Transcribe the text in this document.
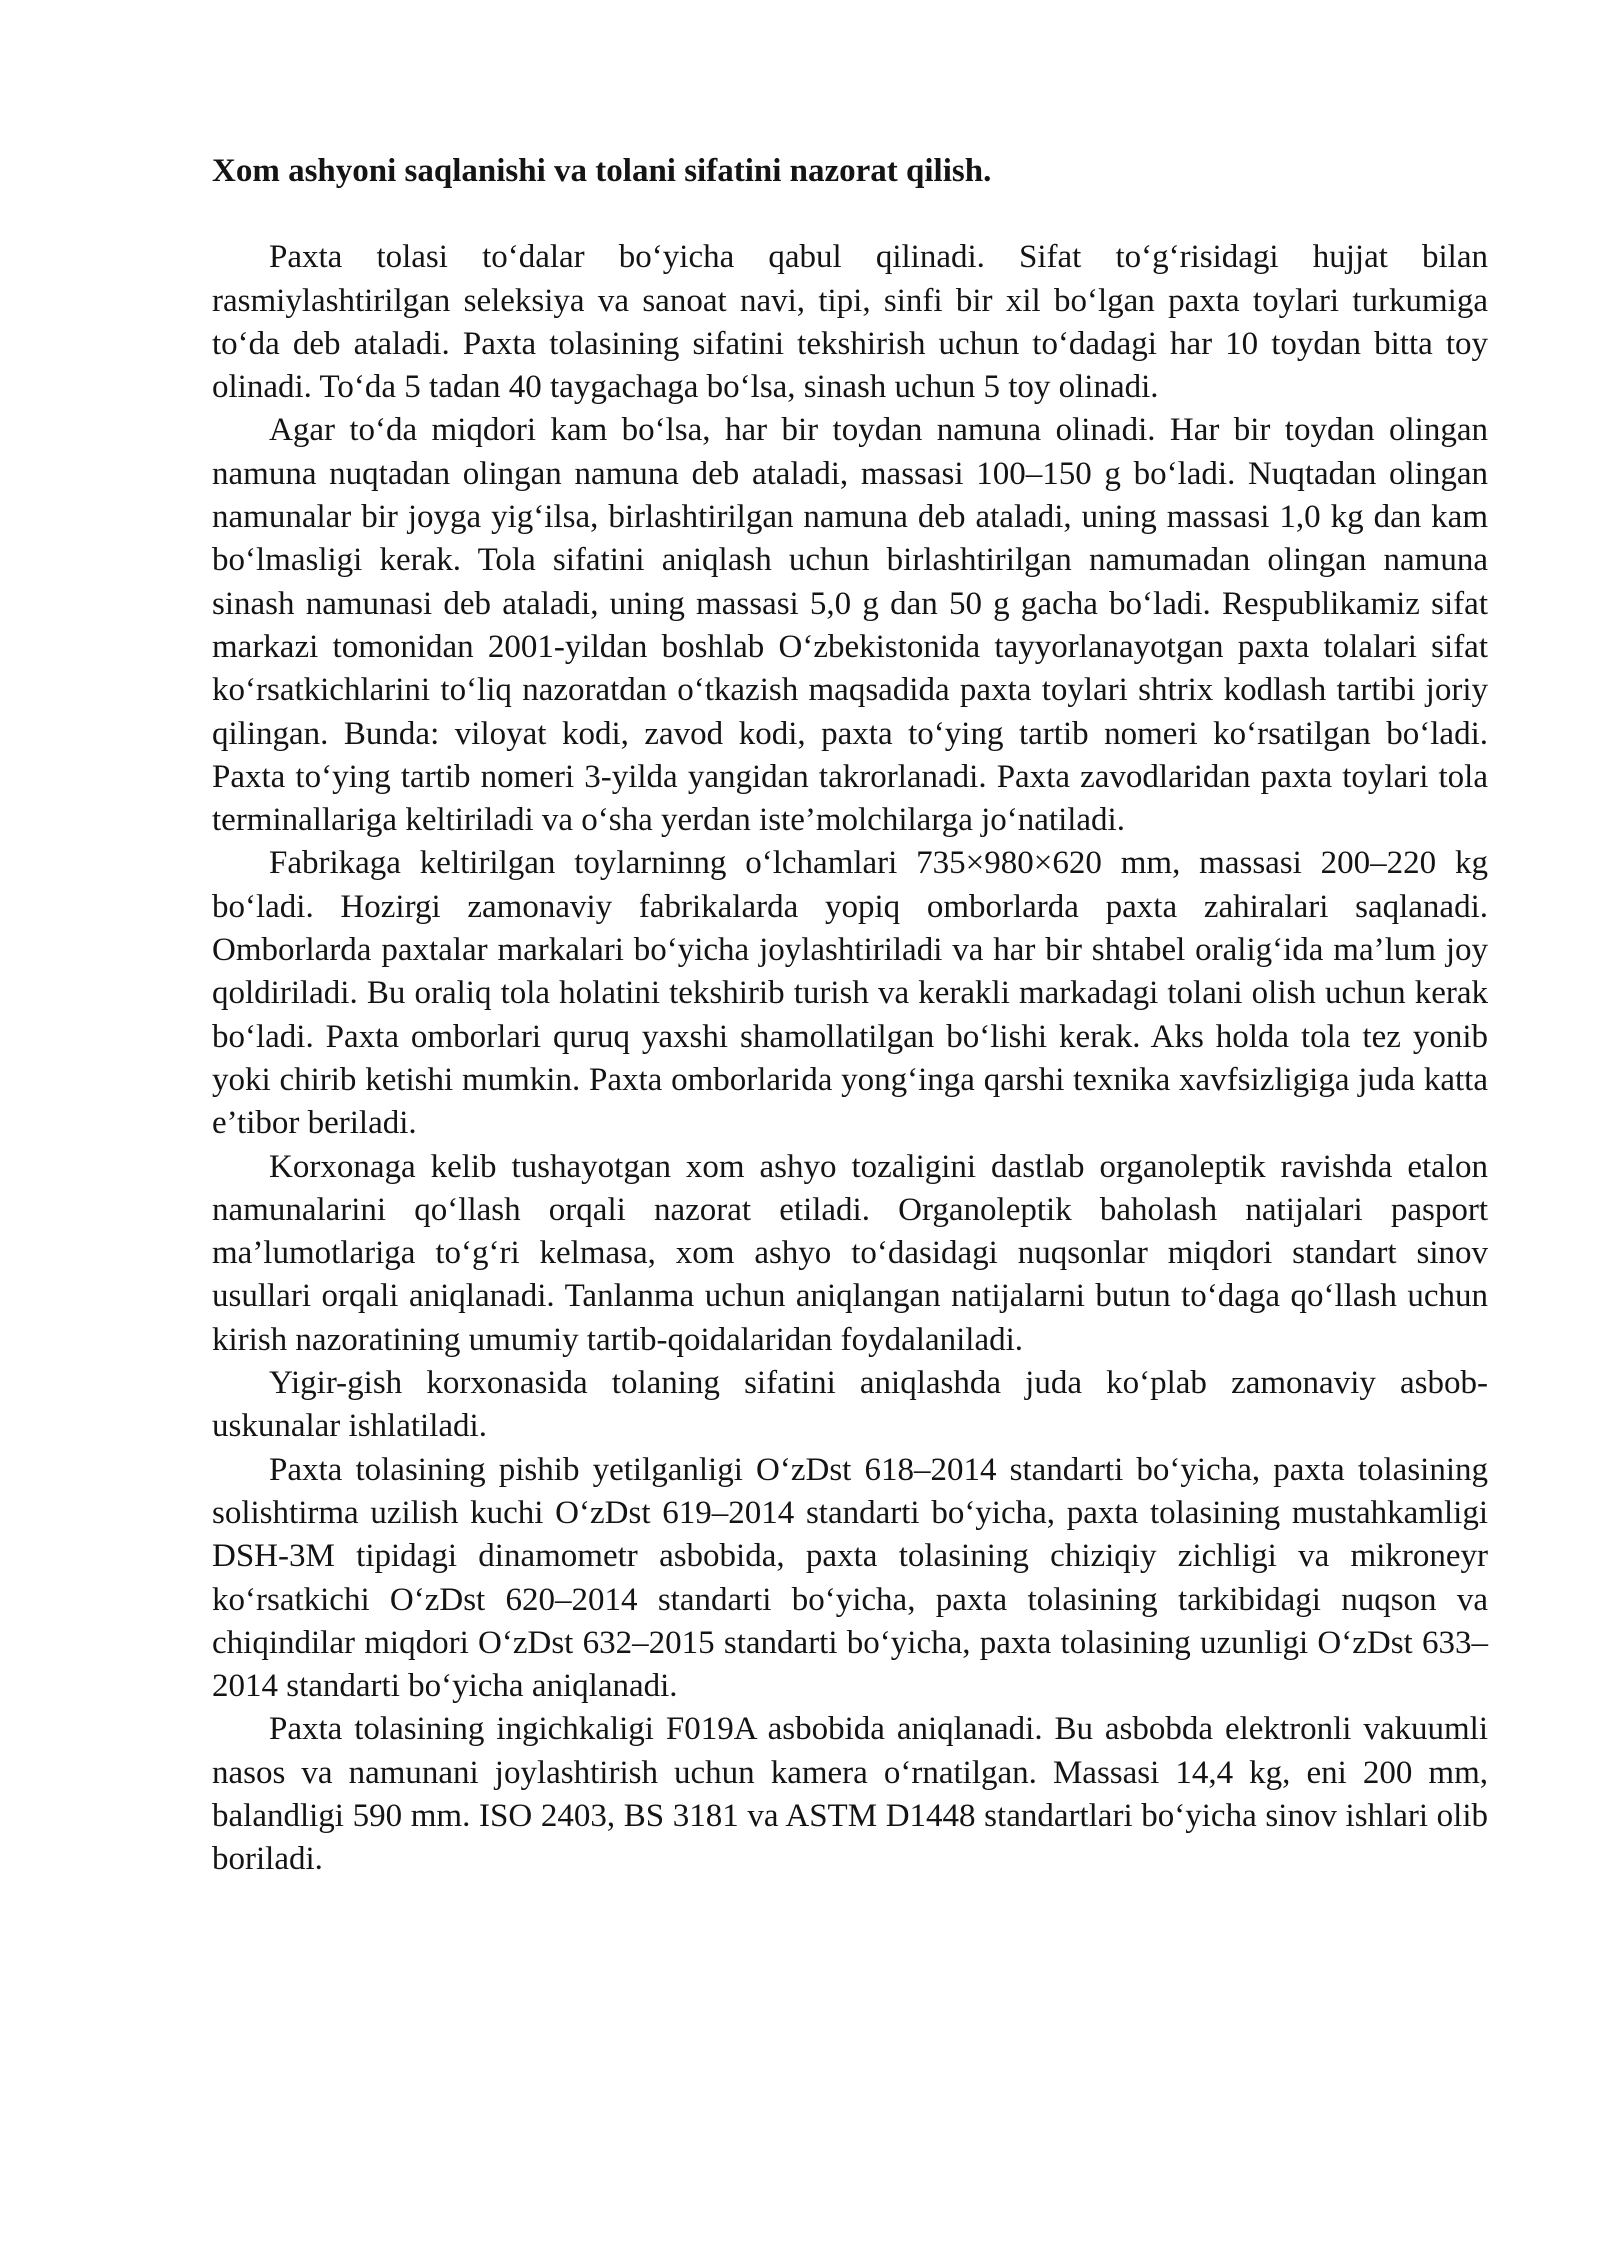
Xom ashyoni saqlanishi va tolani sifatini nazorat qilish.

Paxta tolasi to‘dalar bo‘yicha qabul qilinadi. Sifat to‘g‘risidagi hujjat bilan rasmiylashtirilgan seleksiya va sanoat navi, tipi, sinfi bir xil bo‘lgan paxta toylari turkumiga to‘da deb ataladi. Paxta tolasining sifatini tekshirish uchun to‘dadagi har 10 toydan bitta toy olinadi. To‘da 5 tadan 40 taygachaga bo‘lsa, sinash uchun 5 toy olinadi.

Agar to‘da miqdori kam bo‘lsa, har bir toydan namuna olinadi. Har bir toydan olingan namuna nuqtadan olingan namuna deb ataladi, massasi 100–150 g bo‘ladi. Nuqtadan olingan namunalar bir joyga yig‘ilsa, birlashtirilgan namuna deb ataladi, uning massasi 1,0 kg dan kam bo‘lmasligi kerak. Tola sifatini aniqlash uchun birlashtirilgan namumadan olingan namuna sinash namunasi deb ataladi, uning massasi 5,0 g dan 50 g gacha bo‘ladi. Respublikamiz sifat markazi tomonidan 2001-yildan boshlab O‘zbekistonida tayyorlanayotgan paxta tolalari sifat ko‘rsatkichlarini to‘liq nazoratdan o‘tkazish maqsadida paxta toylari shtrix kodlash tartibi joriy qilingan. Bunda: viloyat kodi, zavod kodi, paxta to‘ying tartib nomeri ko‘rsatilgan bo‘ladi. Paxta to‘ying tartib nomeri 3-yilda yangidan takrorlanadi. Paxta zavodlaridan paxta toylari tola terminallariga keltiriladi va o‘sha yerdan iste’molchilarga jo‘natiladi.

Fabrikaga keltirilgan toylarninng o‘lchamlari 735×980×620 mm, massasi 200–220 kg bo‘ladi. Hozirgi zamonaviy fabrikalarda yopiq omborlarda paxta zahiralari saqlanadi. Omborlarda paxtalar markalari bo‘yicha joylashtiriladi va har bir shtabel oralig‘ida ma’lum joy qoldiriladi. Bu oraliq tola holatini tekshirib turish va kerakli markadagi tolani olish uchun kerak bo‘ladi. Paxta omborlari quruq yaxshi shamollatilgan bo‘lishi kerak. Aks holda tola tez yonib yoki chirib ketishi mumkin. Paxta omborlarida yong‘inga qarshi texnika xavfsizligiga juda katta e’tibor beriladi.

Korxonaga kelib tushayotgan xom ashyo tozaligini dastlab organoleptik ravishda etalon namunalarini qo‘llash orqali nazorat etiladi. Organoleptik baholash natijalari pasport ma’lumotlariga to‘g‘ri kelmasa, xom ashyo to‘dasidagi nuqsonlar miqdori standart sinov usullari orqali aniqlanadi. Tanlanma uchun aniqlangan natijalarni butun to‘daga qo‘llash uchun kirish nazoratining umumiy tartib-qoidalaridan foydalaniladi.

Yigir-gish korxonasida tolaning sifatini aniqlashda juda ko‘plab zamonaviy asbob-uskunalar ishlatiladi.

Paxta tolasining pishib yetilganligi O‘zDst 618–2014 standarti bo‘yicha, paxta tolasining solishtirma uzilish kuchi O‘zDst 619–2014 standarti bo‘yicha, paxta tolasining mustahkamligi DSH-3M tipidagi dinamometr asbobida, paxta tolasining chiziqiy zichligi va mikroneyr ko‘rsatkichi O‘zDst 620–2014 standarti bo‘yicha, paxta tolasining tarkibidagi nuqson va chiqindilar miqdori O‘zDst 632–2015 standarti bo‘yicha, paxta tolasining uzunligi O‘zDst 633–2014 standarti bo‘yicha aniqlanadi.

Paxta tolasining ingichkaligi F019A asbobida aniqlanadi. Bu asbobda elektronli vakuumli nasos va namunani joylashtirish uchun kamera o‘rnatilgan. Massasi 14,4 kg, eni 200 mm, balandligi 590 mm. ISO 2403, BS 3181 va ASTM D1448 standartlari bo‘yicha sinov ishlari olib boriladi.
